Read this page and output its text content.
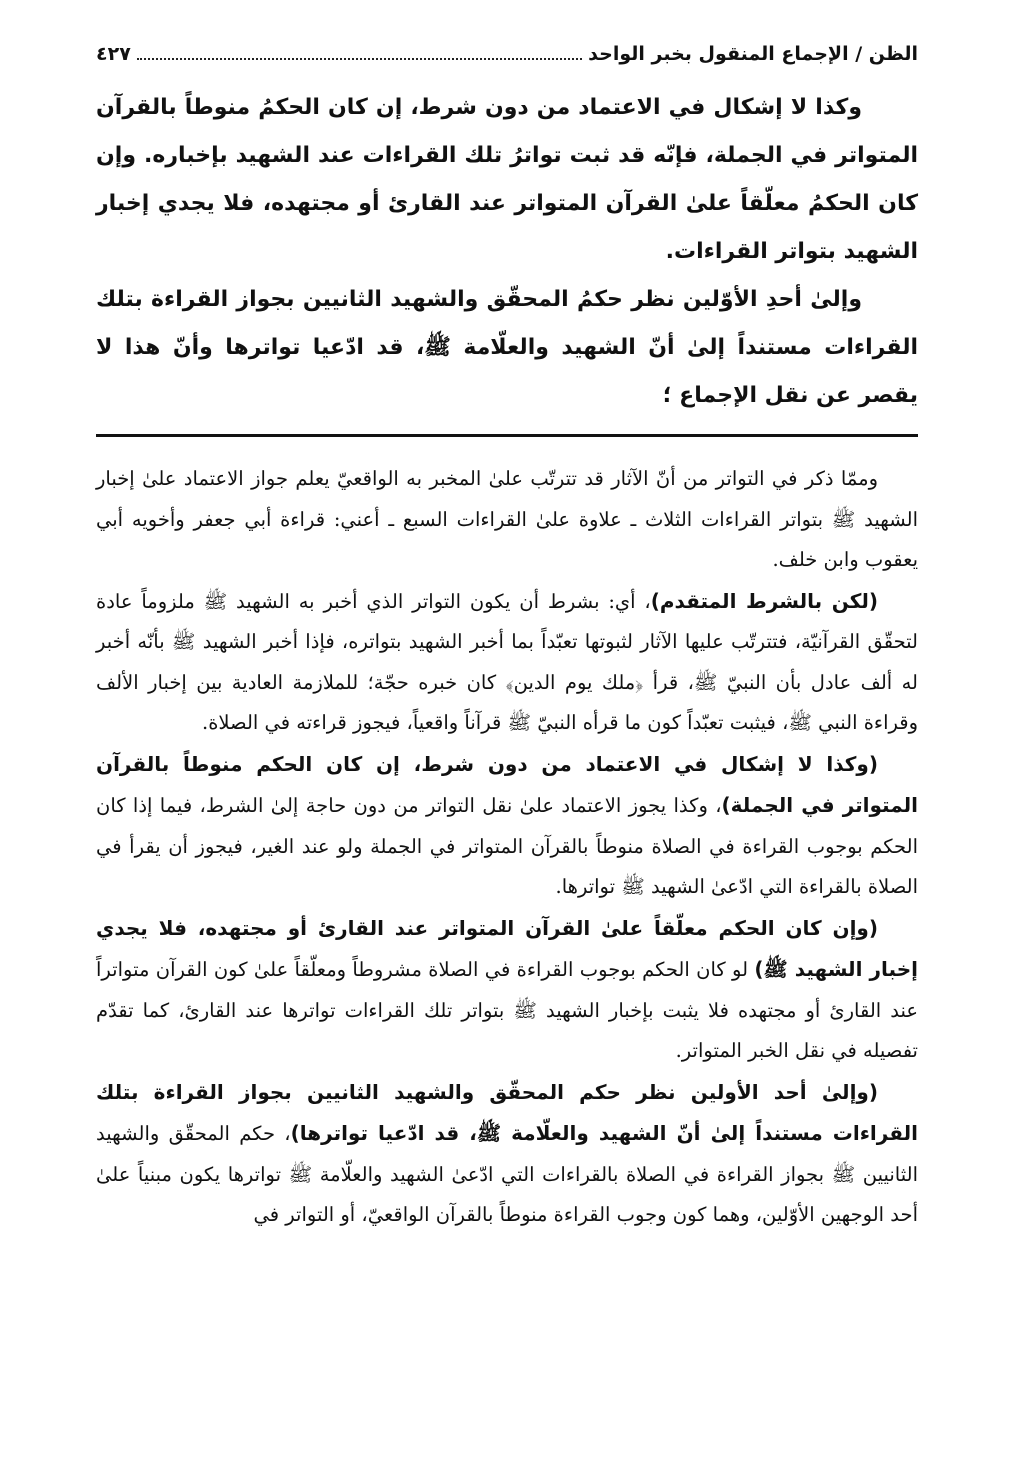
الظن / الإجماع المنقول بخبر الواحد
٤٢٧

وكذا لا إشكال في الاعتماد من دون شرط، إن كان الحكمُ منوطاً بالقرآن المتواتر في الجملة، فإنّه قد ثبت تواترُ تلك القراءات عند الشهيد بإخباره. وإن كان الحكمُ معلّقاً علىٰ القرآن المتواتر عند القارئ أو مجتهده، فلا يجدي إخبار الشهيد بتواتر القراءات.

وإلىٰ أحدِ الأوّلين نظر حكمُ المحقّق والشهيد الثانيين بجواز القراءة بتلك القراءات مستنداً إلىٰ أنّ الشهيد والعلّامة ﷺ، قد ادّعيا تواترها وأنّ هذا لا يقصر عن نقل الإجماع ؛

وممّا ذكر في التواتر من أنّ الآثار قد تترتّب علىٰ المخبر به الواقعيّ يعلم جواز الاعتماد علىٰ إخبار الشهيد ﷺ بتواتر القراءات الثلاث ـ علاوة علىٰ القراءات السبع ـ أعني: قراءة أبي جعفر وأخويه أبي يعقوب وابن خلف.

(لكن بالشرط المتقدم)، أي: بشرط أن يكون التواتر الذي أخبر به الشهيد ﷺ ملزوماً عادة لتحقّق القرآنيّة، فتترتّب عليها الآثار لثبوتها تعبّداً بما أخبر الشهيد بتواتره، فإذا أخبر الشهيد ﷺ بأنّه أخبر له ألف عادل بأن النبيّ ﷺ، قرأ ﴿ملك يوم الدين﴾ كان خبره حجّة؛ للملازمة العادية بين إخبار الألف وقراءة النبي ﷺ، فيثبت تعبّداً كون ما قرأه النبيّ ﷺ قرآناً واقعياً، فيجوز قراءته في الصلاة.

(وكذا لا إشكال في الاعتماد من دون شرط، إن كان الحكم منوطاً بالقرآن المتواتر في الجملة)، وكذا يجوز الاعتماد علىٰ نقل التواتر من دون حاجة إلىٰ الشرط، فيما إذا كان الحكم بوجوب القراءة في الصلاة منوطاً بالقرآن المتواتر في الجملة ولو عند الغير، فيجوز أن يقرأ في الصلاة بالقراءة التي ادّعىٰ الشهيد ﷺ تواترها.

(وإن كان الحكم معلّقاً علىٰ القرآن المتواتر عند القارئ أو مجتهده، فلا يجدي إخبار الشهيد ﷺ) لو كان الحكم بوجوب القراءة في الصلاة مشروطاً ومعلّقاً علىٰ كون القرآن متواتراً عند القارئ أو مجتهده فلا يثبت بإخبار الشهيد ﷺ بتواتر تلك القراءات تواترها عند القارئ، كما تقدّم تفصيله في نقل الخبر المتواتر.

(وإلىٰ أحد الأولين نظر حكم المحقّق والشهيد الثانيين بجواز القراءة بتلك القراءات مستنداً إلىٰ أنّ الشهيد والعلّامة ﷺ، قد ادّعيا تواترها)، حكم المحقّق والشهيد الثانيين ﷺ بجواز القراءة في الصلاة بالقراءات التي ادّعىٰ الشهيد والعلّامة ﷺ تواترها يكون مبنياً علىٰ أحد الوجهين الأوّلين، وهما كون وجوب القراءة منوطاً بالقرآن الواقعيّ، أو التواتر في
